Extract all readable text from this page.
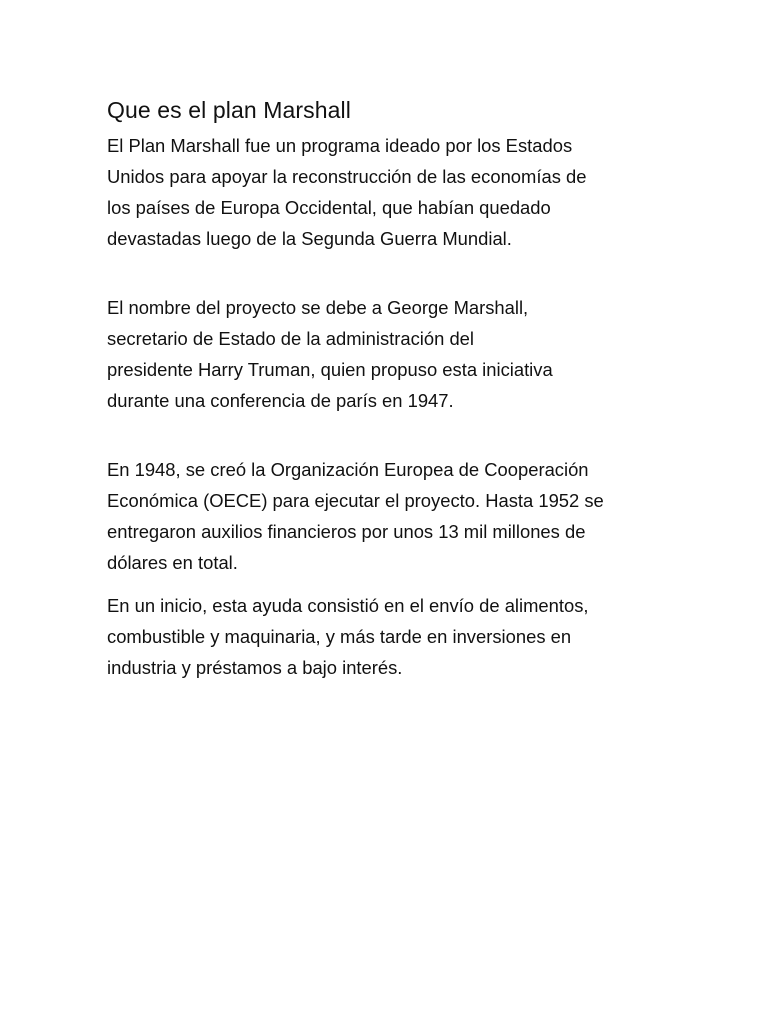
Que es el plan Marshall

El Plan Marshall fue un programa ideado por los Estados
Unidos para apoyar la reconstrucción de las economías de
los países de Europa Occidental, que habían quedado
devastadas luego de la Segunda Guerra Mundial.

El nombre del proyecto se debe a George Marshall,
secretario de Estado de la administración del
presidente Harry Truman, quien propuso esta iniciativa
durante una conferencia de parís en 1947.

En 1948, se creó la Organización Europea de Cooperación
Económica (OECE) para ejecutar el proyecto. Hasta 1952 se
entregaron auxilios financieros por unos 13 mil millones de
dólares en total.

En un inicio, esta ayuda consistió en el envío de alimentos,
combustible y maquinaria, y más tarde en inversiones en
industria y préstamos a bajo interés.
